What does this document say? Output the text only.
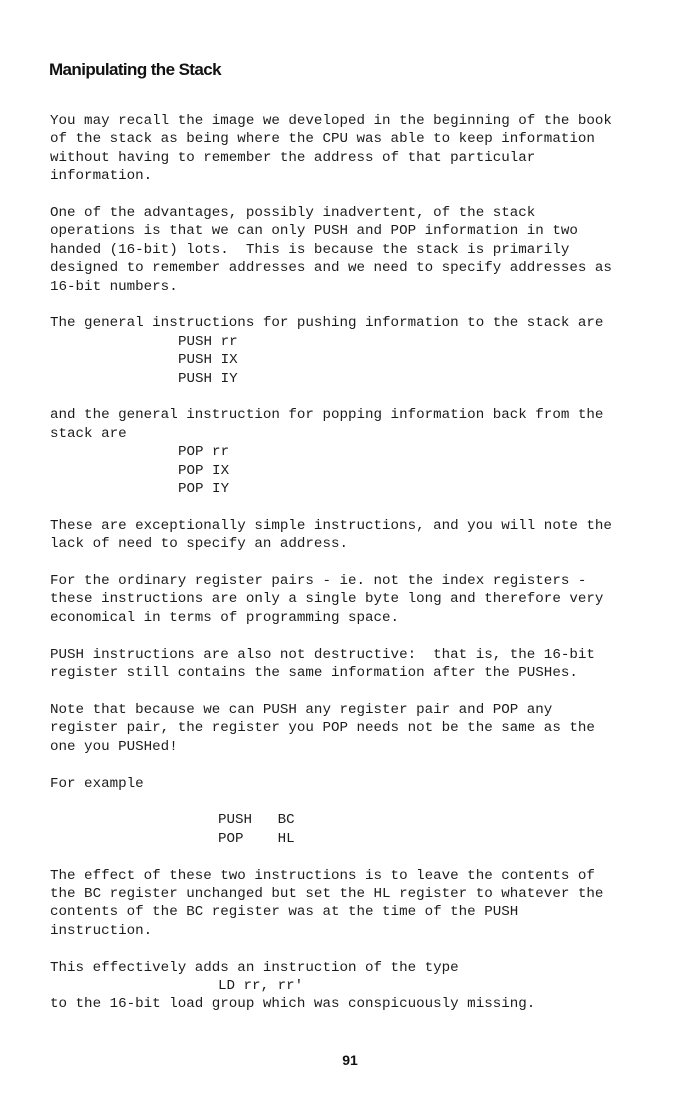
Manipulating the Stack
You may recall the image we developed in the beginning of the book
of the stack as being where the CPU was able to keep information
without having to remember the address of that particular
information.
One of the advantages, possibly inadvertent, of the stack
operations is that we can only PUSH and POP information in two
handed (16-bit) lots.  This is because the stack is primarily
designed to remember addresses and we need to specify addresses as
16-bit numbers.
The general instructions for pushing information to the stack are
PUSH rr
PUSH IX
PUSH IY
and the general instruction for popping information back from the
stack are
POP rr
POP IX
POP IY
These are exceptionally simple instructions, and you will note the
lack of need to specify an address.
For the ordinary register pairs - ie. not the index registers -
these instructions are only a single byte long and therefore very
economical in terms of programming space.
PUSH instructions are also not destructive:  that is, the 16-bit
register still contains the same information after the PUSHes.
Note that because we can PUSH any register pair and POP any
register pair, the register you POP needs not be the same as the
one you PUSHed!
For example
PUSH   BC
POP    HL
The effect of these two instructions is to leave the contents of
the BC register unchanged but set the HL register to whatever the
contents of the BC register was at the time of the PUSH
instruction.
This effectively adds an instruction of the type
LD rr, rr'
to the 16-bit load group which was conspicuously missing.
91
